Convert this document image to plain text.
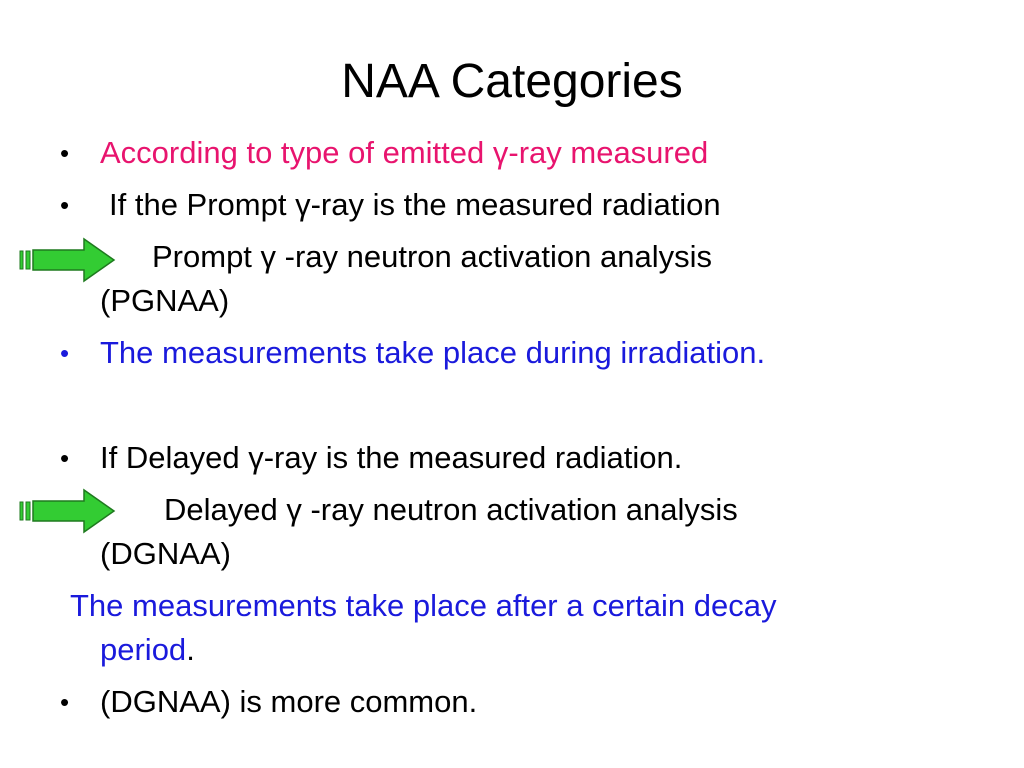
NAA Categories
• According to type of emitted γ-ray measured
• If the Prompt γ-ray is the measured radiation
Prompt γ -ray neutron activation analysis
(PGNAA)
• The measurements take place during irradiation.
• If Delayed γ-ray is the measured radiation.
Delayed γ -ray neutron activation analysis
(DGNAA)
The measurements take place after a certain decay
period.
• (DGNAA) is more common.
